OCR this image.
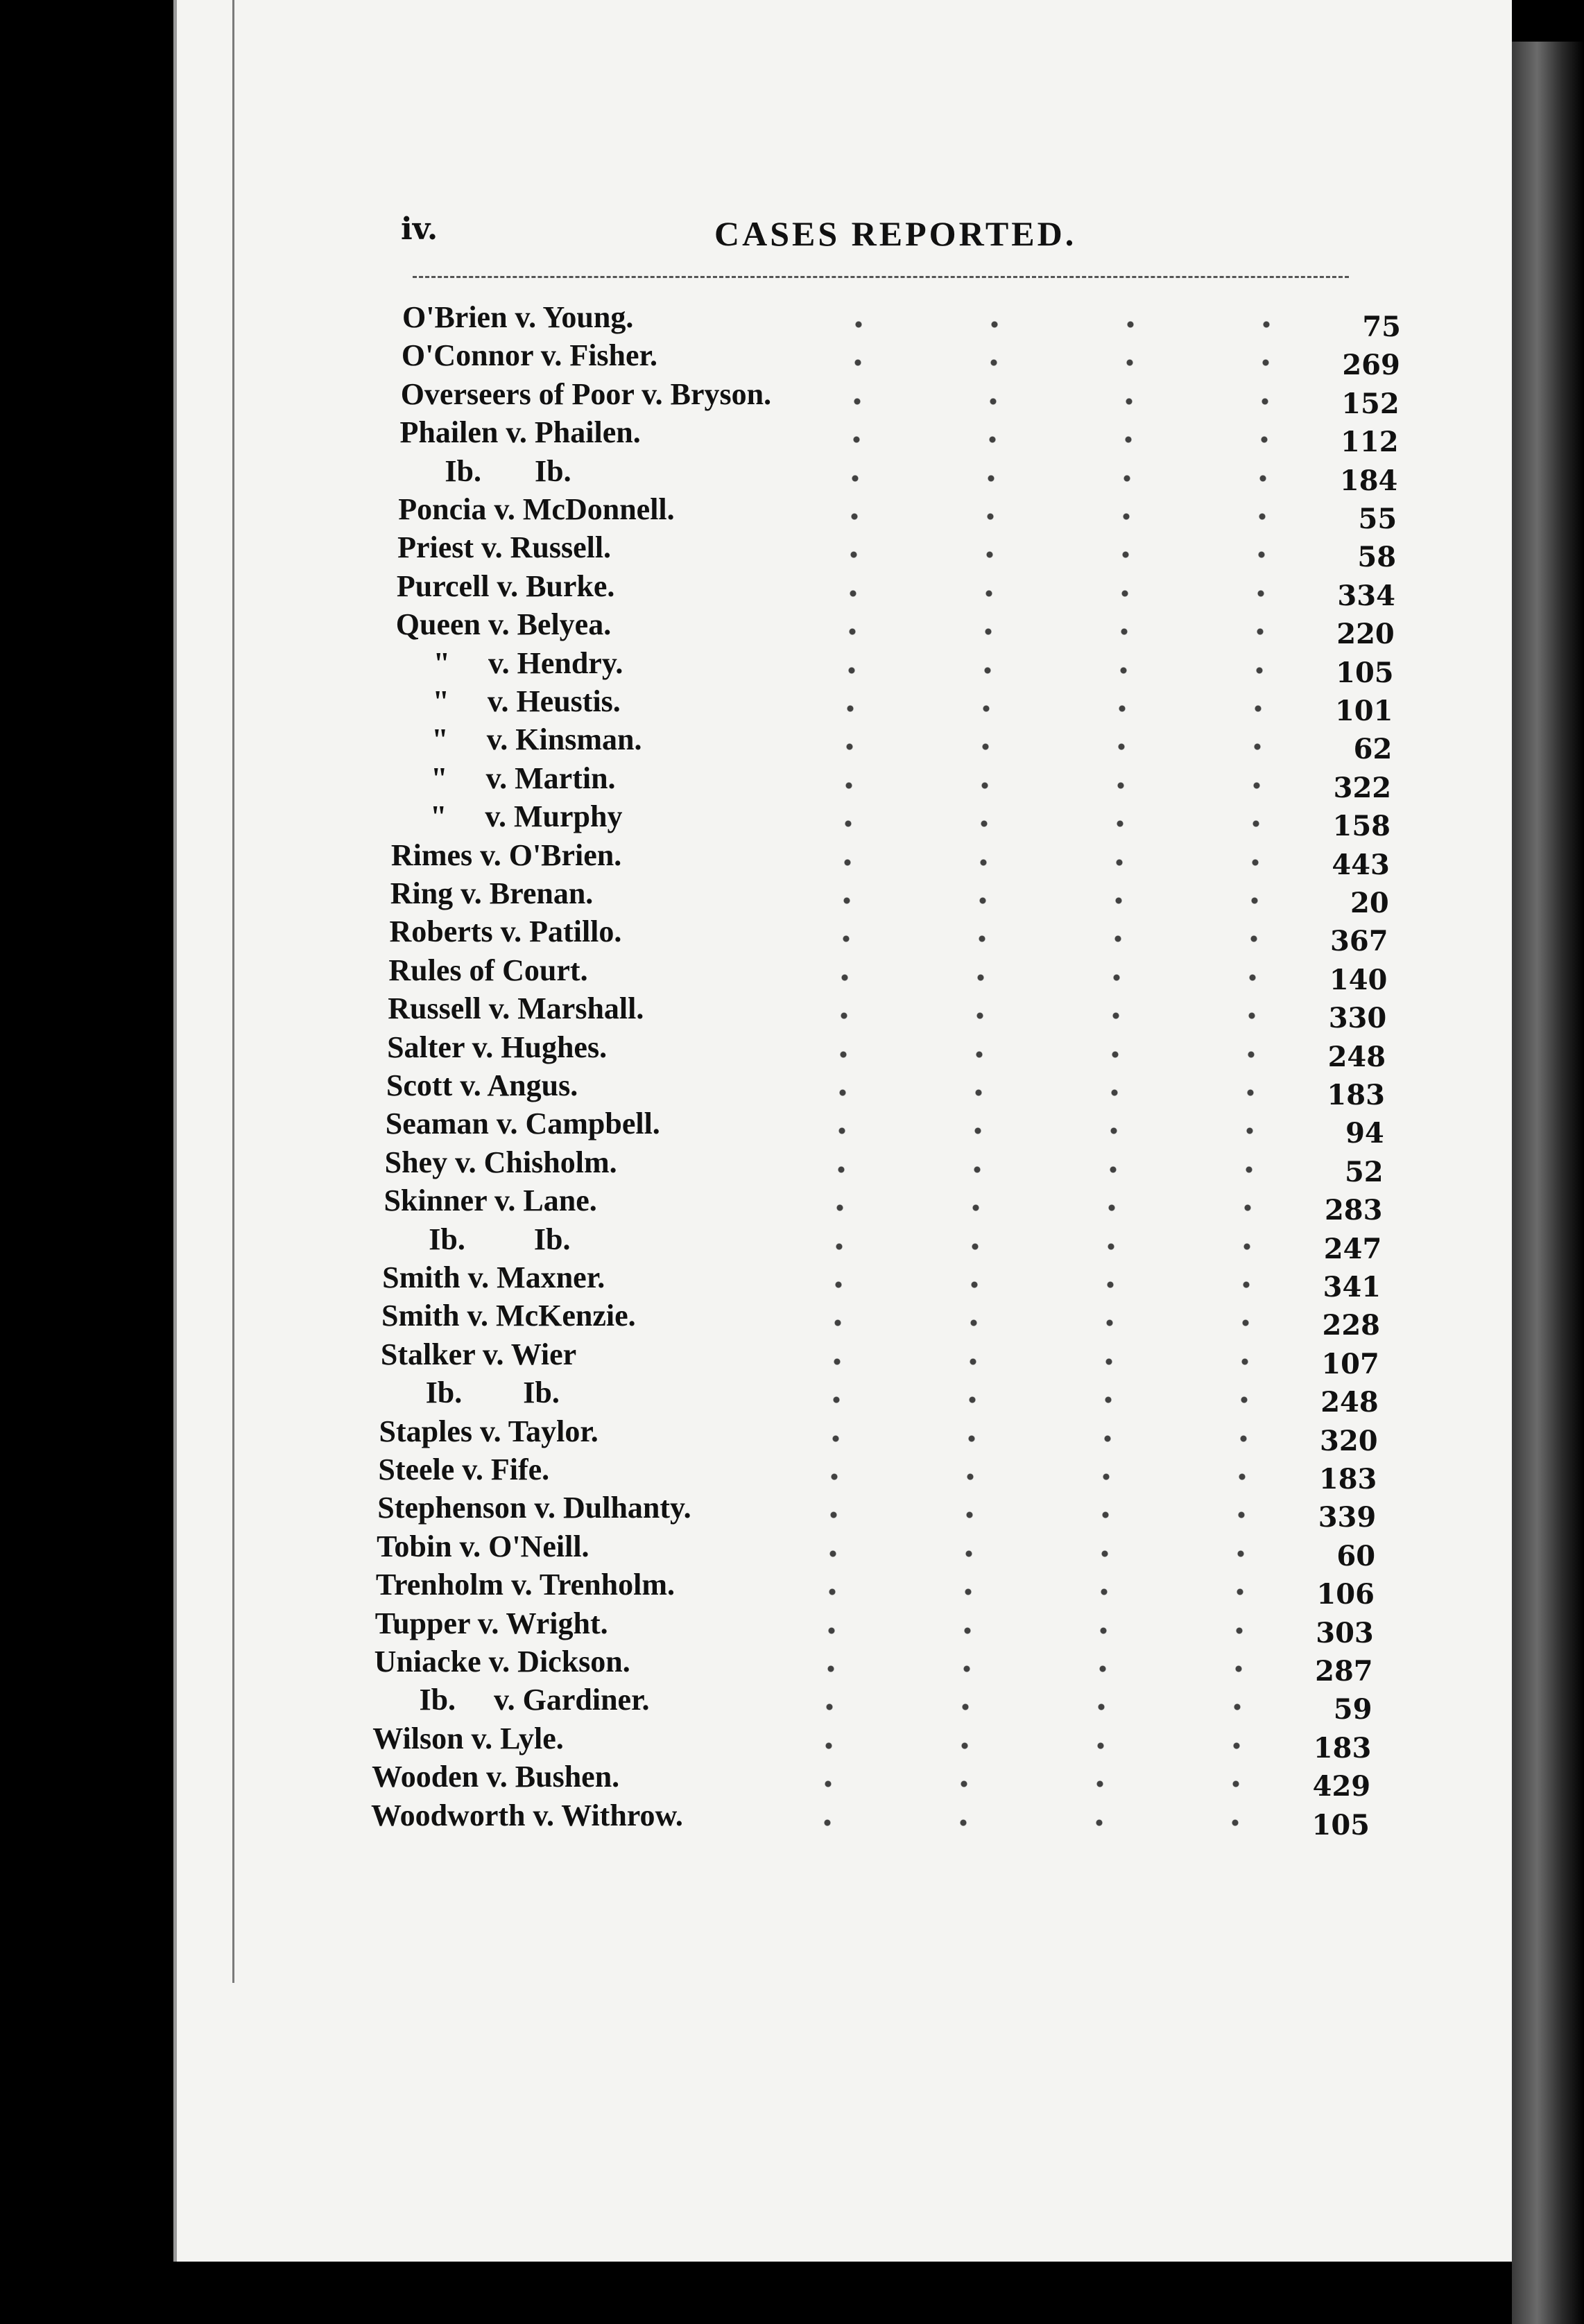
iv.	CASES REPORTED.

O'Brien v. Young.	75
O'Connor v. Fisher.	269
Overseers of Poor v. Bryson.	152
Phailen v. Phailen.	112
Ib.       Ib.	184
Poncia v. McDonnell.	55
Priest v. Russell.	58
Purcell v. Burke.	334
Queen v. Belyea.	220
"     v. Hendry.	105
"     v. Heustis.	101
"     v. Kinsman.	62
"     v. Martin.	322
"     v. Murphy	158
Rimes v. O'Brien.	443
Ring v. Brenan.	20
Roberts v. Patillo.	367
Rules of Court.	140
Russell v. Marshall.	330
Salter v. Hughes.	248
Scott v. Angus.	183
Seaman v. Campbell.	94
Shey v. Chisholm.	52
Skinner v. Lane.	283
Ib.         Ib.	247
Smith v. Maxner.	341
Smith v. McKenzie.	228
Stalker v. Wier	107
Ib.        Ib.	248
Staples v. Taylor.	320
Steele v. Fife.	183
Stephenson v. Dulhanty.	339
Tobin v. O'Neill.	60
Trenholm v. Trenholm.	106
Tupper v. Wright.	303
Uniacke v. Dickson.	287
Ib.     v. Gardiner.	59
Wilson v. Lyle.	183
Wooden v. Bushen.	429
Woodworth v. Withrow.	105
